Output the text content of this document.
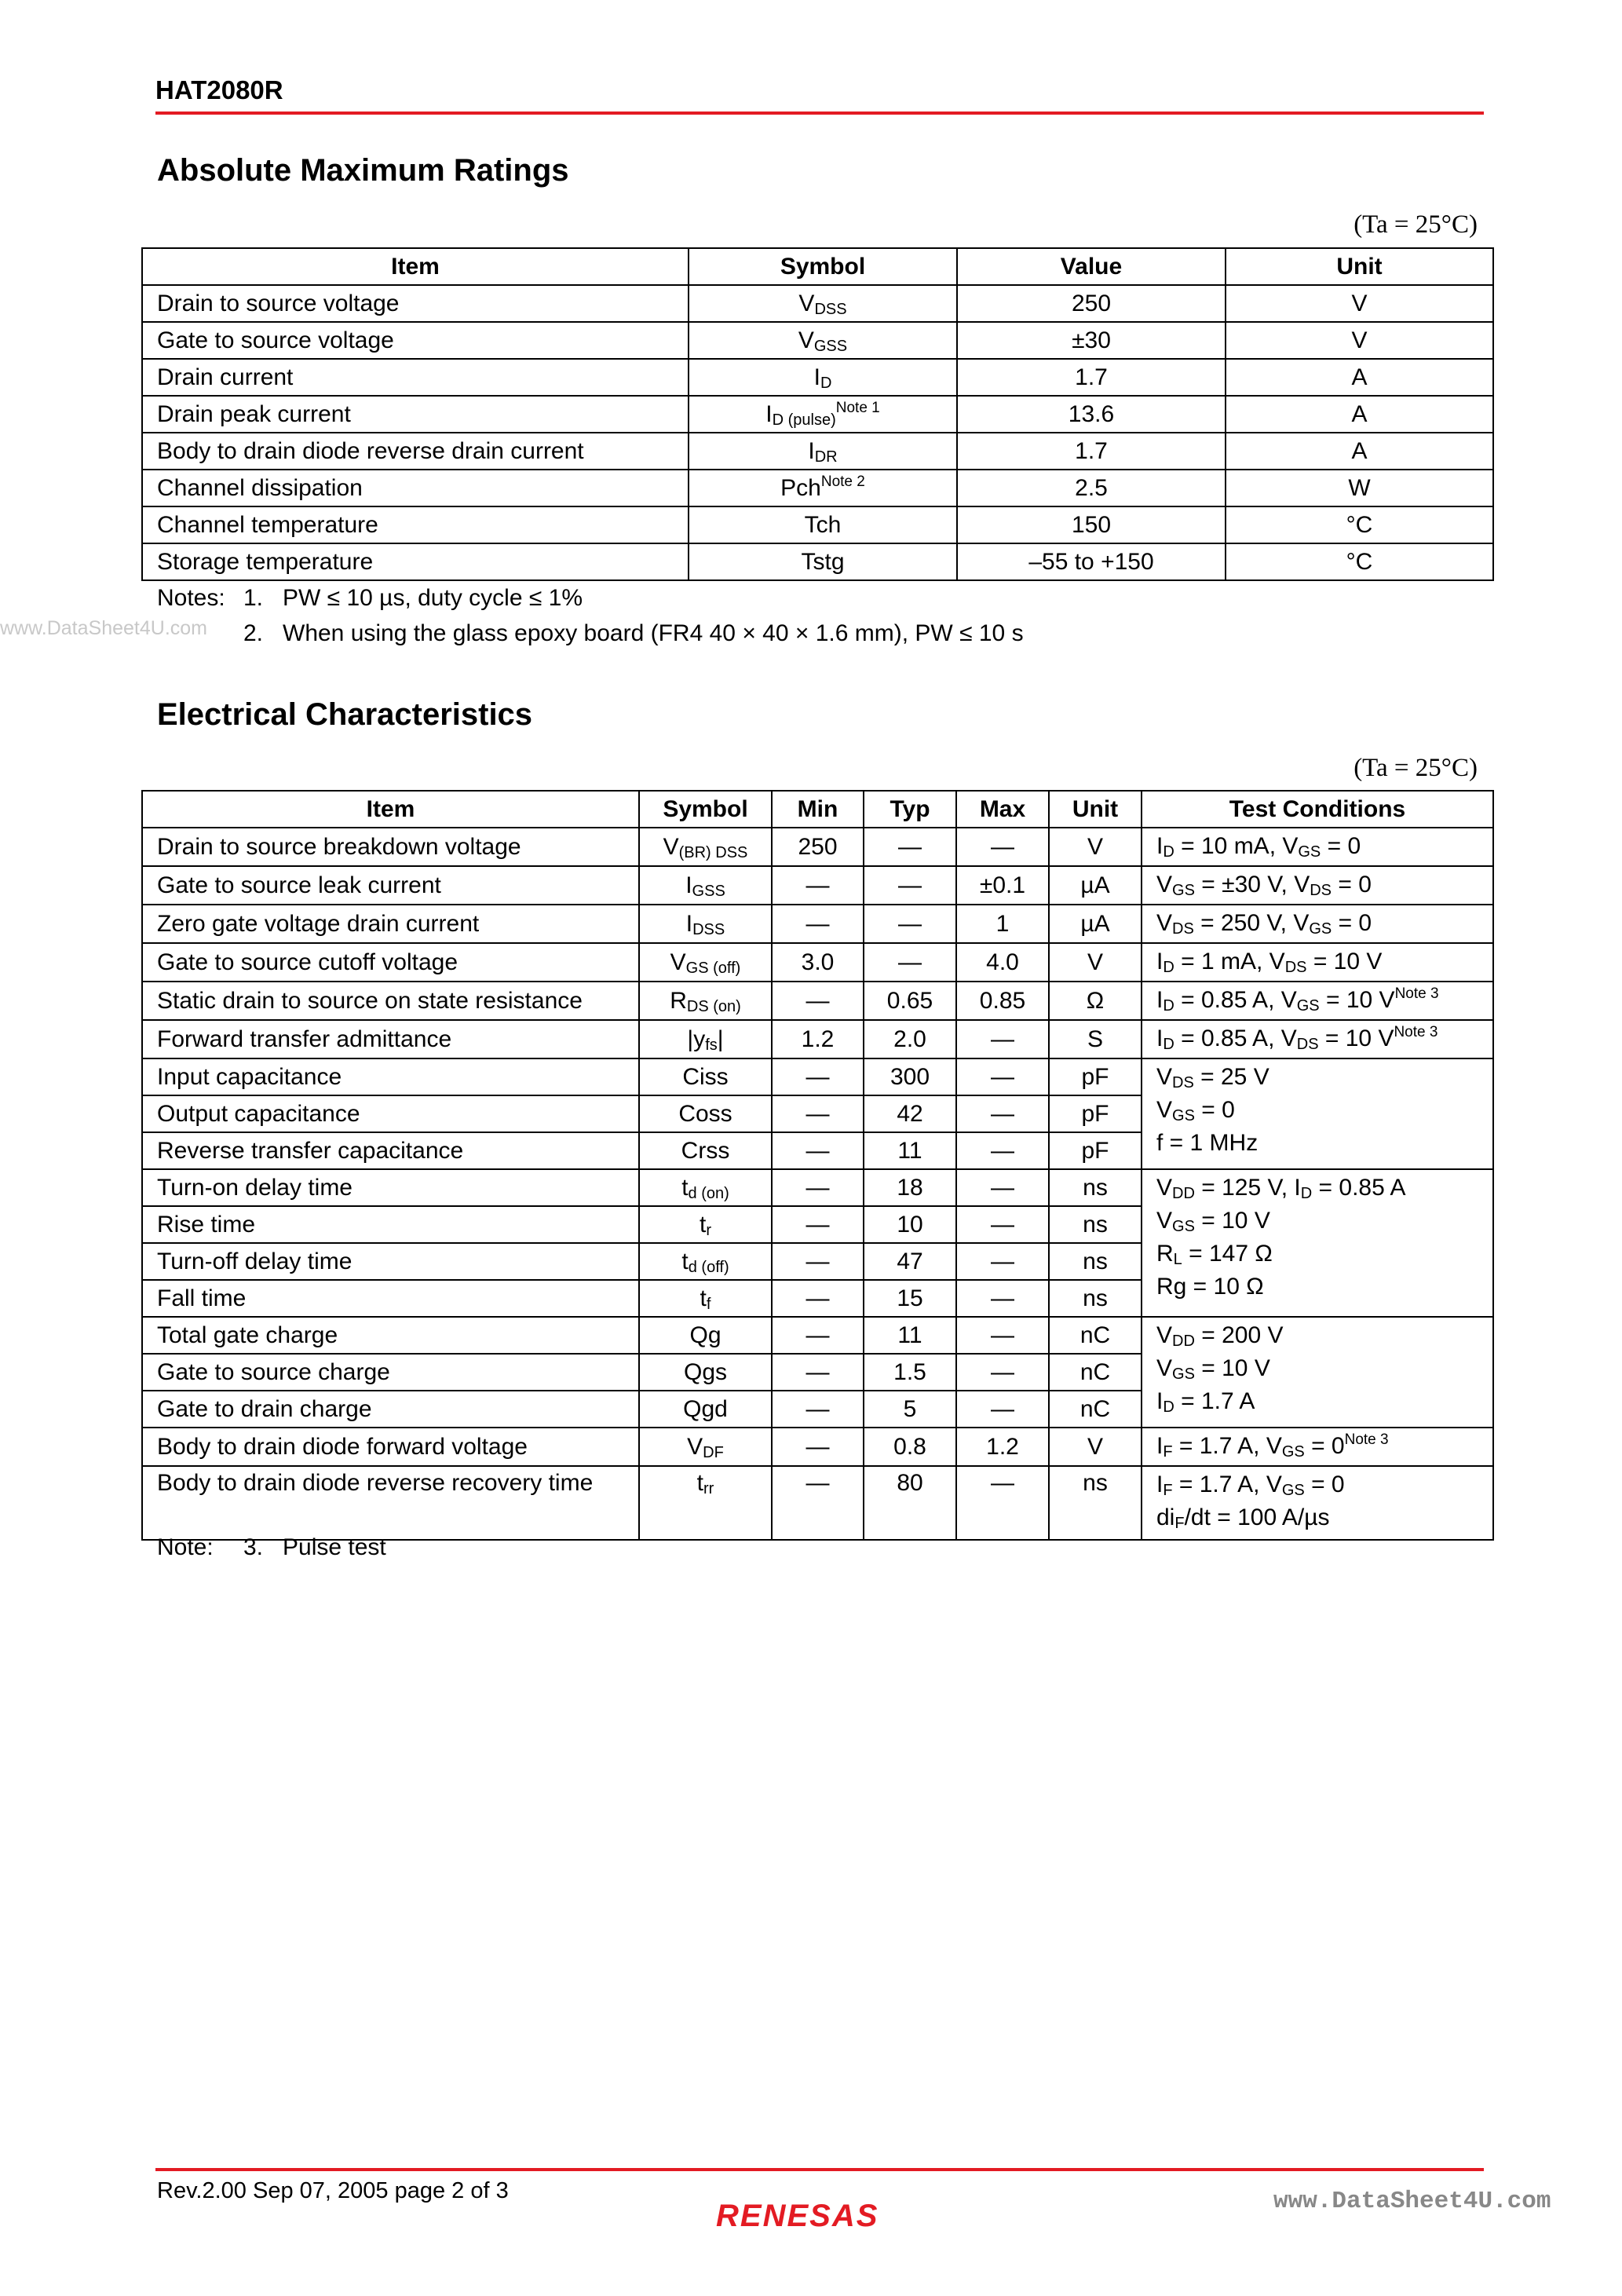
HAT2080R
Absolute Maximum Ratings
(Ta = 25°C)
Item	Symbol	Value	Unit
Drain to source voltage	$V_{DSS}$	250	V
Gate to source voltage	$V_{GSS}$	±30	V
Drain current	$I_D$	1.7	A
Drain peak current	$I_{D (pulse)}^{Note 1}$	13.6	A
Body to drain diode reverse drain current	$I_{DR}$	1.7	A
Channel dissipation	Pch$^{Note 2}$	2.5	W
Channel temperature	Tch	150	°C
Storage temperature	Tstg	–55 to +150	°C
Notes: 1. PW ≤ 10 µs, duty cycle ≤ 1%
2. When using the glass epoxy board (FR4 40 × 40 × 1.6 mm), PW ≤ 10 s
www.DataSheet4U.com
Electrical Characteristics
(Ta = 25°C)
Item	Symbol	Min	Typ	Max	Unit	Test Conditions
Drain to source breakdown voltage	$V_{(BR) DSS}$	250	—	—	V	$I_D = 10$ mA, $V_{GS} = 0$

Gate to source leak current	$I_{GSS}$	—	—	±0.1	µA	$V_{GS} = \pm 30$ V, $V_{DS} = 0$

Zero gate voltage drain current	$I_{DSS}$	—	—	1	µA	$V_{DS} = 250$ V, $V_{GS} = 0$

Gate to source cutoff voltage	$V_{GS (off)}$	3.0	—	4.0	V	$I_D = 1$ mA, $V_{DS} = 10$ V

Static drain to source on state resistance	$R_{DS (on)}$	—	0.65	0.85	Ω	$I_D = 0.85$ A, $V_{GS} = 10$ $V^{Note 3}$

Forward transfer admittance	$|y_{fs}|$	1.2	2.0	—	S	$I_D = 0.85$ A, $V_{DS} = 10$ $V^{Note 3}$

Input capacitance	Ciss	—	300	—	pF	$V_{DS} = 25$ V
$V_{GS} = 0$
f = 1 MHz

Output capacitance	Coss	—	42	—	pF	
Reverse transfer capacitance	Crss	—	11	—	pF	
Turn-on delay time	$t_{d (on)}$	—	18	—	ns	$V_{DD} = 125$ V, $I_D = 0.85$ A
$V_{GS} = 10$ V
$R_L = 147$ Ω
Rg = 10 Ω

Rise time	$t_r$	—	10	—	ns	
Turn-off delay time	$t_{d (off)}$	—	47	—	ns	
Fall time	$t_f$	—	15	—	ns	
Total gate charge	Qg	—	11	—	nC	$V_{DD} = 200$ V
$V_{GS} = 10$ V
$I_D = 1.7$ A

Gate to source charge	Qgs	—	1.5	—	nC	
Gate to drain charge	Qgd	—	5	—	nC	
Body to drain diode forward voltage	$V_{DF}$	—	0.8	1.2	V	$I_F = 1.7$ A, $V_{GS} = 0^{Note 3}$

Body to drain diode reverse recovery time	$t_{rr}$	—	80	—	ns	$I_F = 1.7$ A, $V_{GS} = 0$
$di_F/dt = 100$ A/µs
Note: 3. Pulse test
Rev.2.00 Sep 07, 2005 page 2 of 3
RENESAS	www.DataSheet4U.com
